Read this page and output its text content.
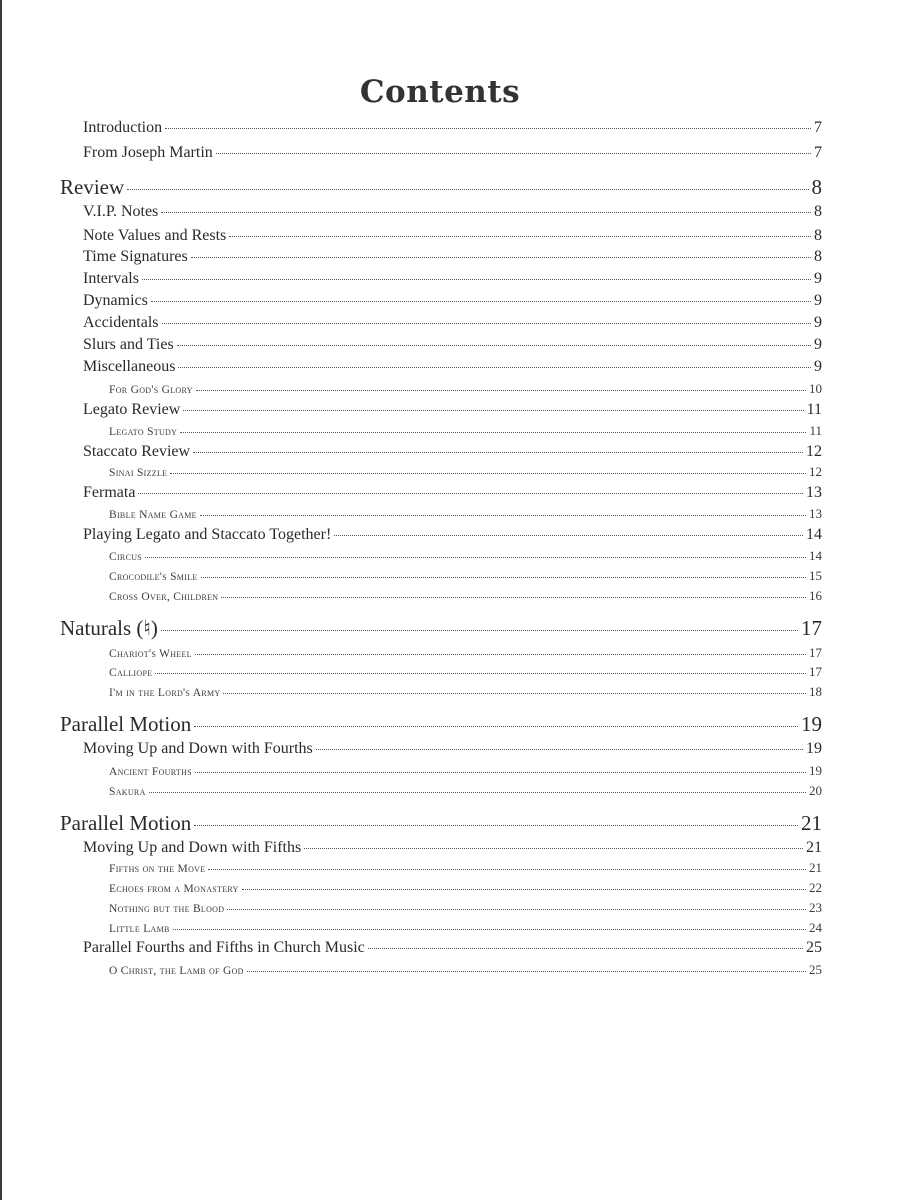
Contents
Introduction	7
From Joseph Martin	7
Review	8
V.I.P. Notes	8
Note Values and Rests	8
Time Signatures	8
Intervals	9
Dynamics	9
Accidentals	9
Slurs and Ties	9
Miscellaneous	9
For God's Glory	10
Legato Review	11
Legato Study	11
Staccato Review	12
Sinai Sizzle	12
Fermata	13
Bible Name Game	13
Playing Legato and Staccato Together!	14
Circus	14
Crocodile's Smile	15
Cross Over, Children	16
Naturals (♮)	17
Chariot's Wheel	17
Calliope	17
I'm in the Lord's Army	18
Parallel Motion	19
Moving Up and Down with Fourths	19
Ancient Fourths	19
Sakura	20
Parallel Motion	21
Moving Up and Down with Fifths	21
Fifths on the Move	21
Echoes from a Monastery	22
Nothing but the Blood	23
Little Lamb	24
Parallel Fourths and Fifths in Church Music	25
O Christ, the Lamb of God	25
